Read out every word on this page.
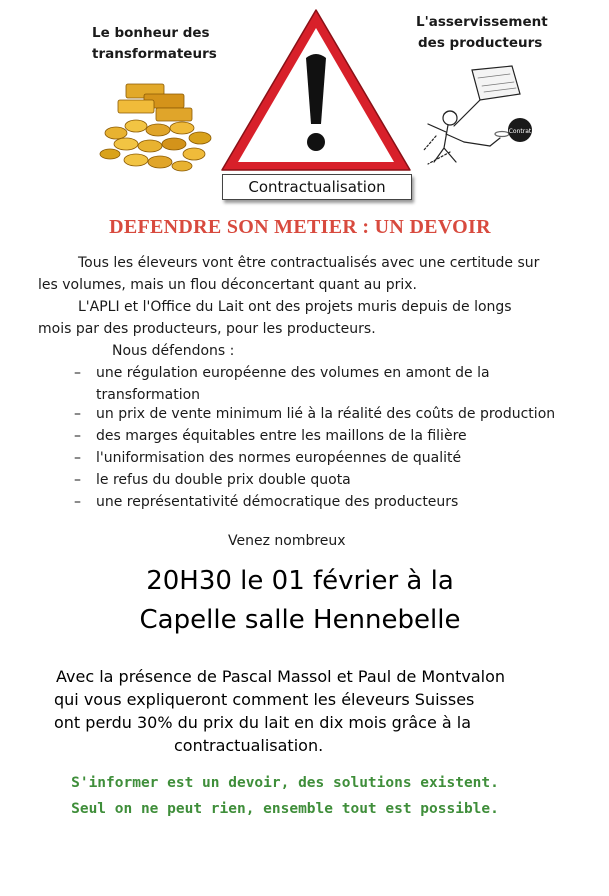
Le bonheur des
transformateurs
Contractualisation
L'asservissement
des producteurs
Contrat
DEFENDRE SON METIER : UN DEVOIR
Tous les éleveurs vont être contractualisés avec une certitude sur
les volumes, mais un flou déconcertant quant au prix.
L'APLI et l'Office du Lait ont des projets muris depuis de longs
mois par des producteurs, pour les producteurs.
Nous défendons :
– une régulation européenne des volumes en amont de la
transformation
– un prix de vente minimum lié à la réalité des coûts de production
– des marges équitables entre les maillons de la filière
– l'uniformisation des normes européennes de qualité
– le refus du double prix double quota
– une représentativité démocratique des producteurs
Venez nombreux
20H30 le 01 février à la
Capelle salle Hennebelle
Avec la présence de Pascal Massol et Paul de Montvalon
qui vous expliqueront comment les éleveurs Suisses
ont perdu 30% du prix du lait en dix mois grâce à la
contractualisation.
S'informer est un devoir, des solutions existent.
Seul on ne peut rien, ensemble tout est possible.
